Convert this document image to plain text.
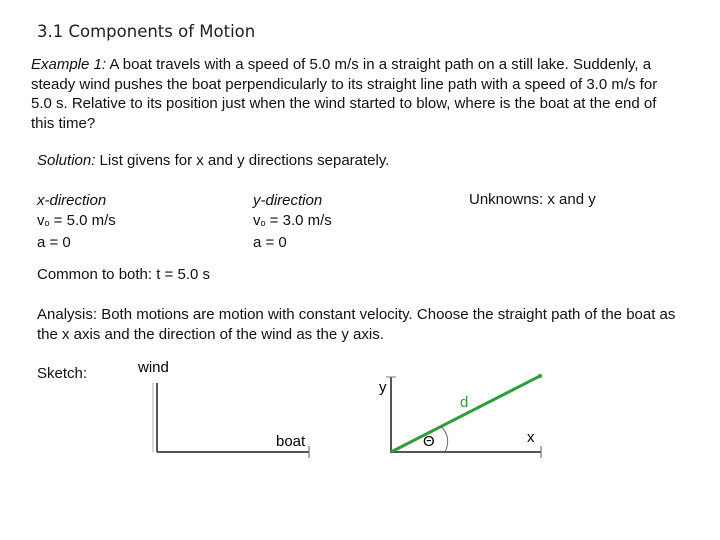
3.1 Components of Motion
Example 1: A boat travels with a speed of 5.0 m/s in a straight path on a still lake. Suddenly, a steady wind pushes the boat perpendicularly to its straight line path with a speed of 3.0 m/s for 5.0 s. Relative to its position just when the wind started to blow, where is the boat at the end of this time?
Solution: List givens for x and y directions separately.
x-direction
$v_o = 5.0$ m/s
a = 0
y-direction
$v_o = 3.0$ m/s
a = 0
Unknowns: x and y
Common to both: t = 5.0 s
Analysis: Both motions are motion with constant velocity. Choose the straight path of the boat as the x axis and the direction of the wind as the y axis.
Sketch:	wind
boat
y
x
d
Θ
